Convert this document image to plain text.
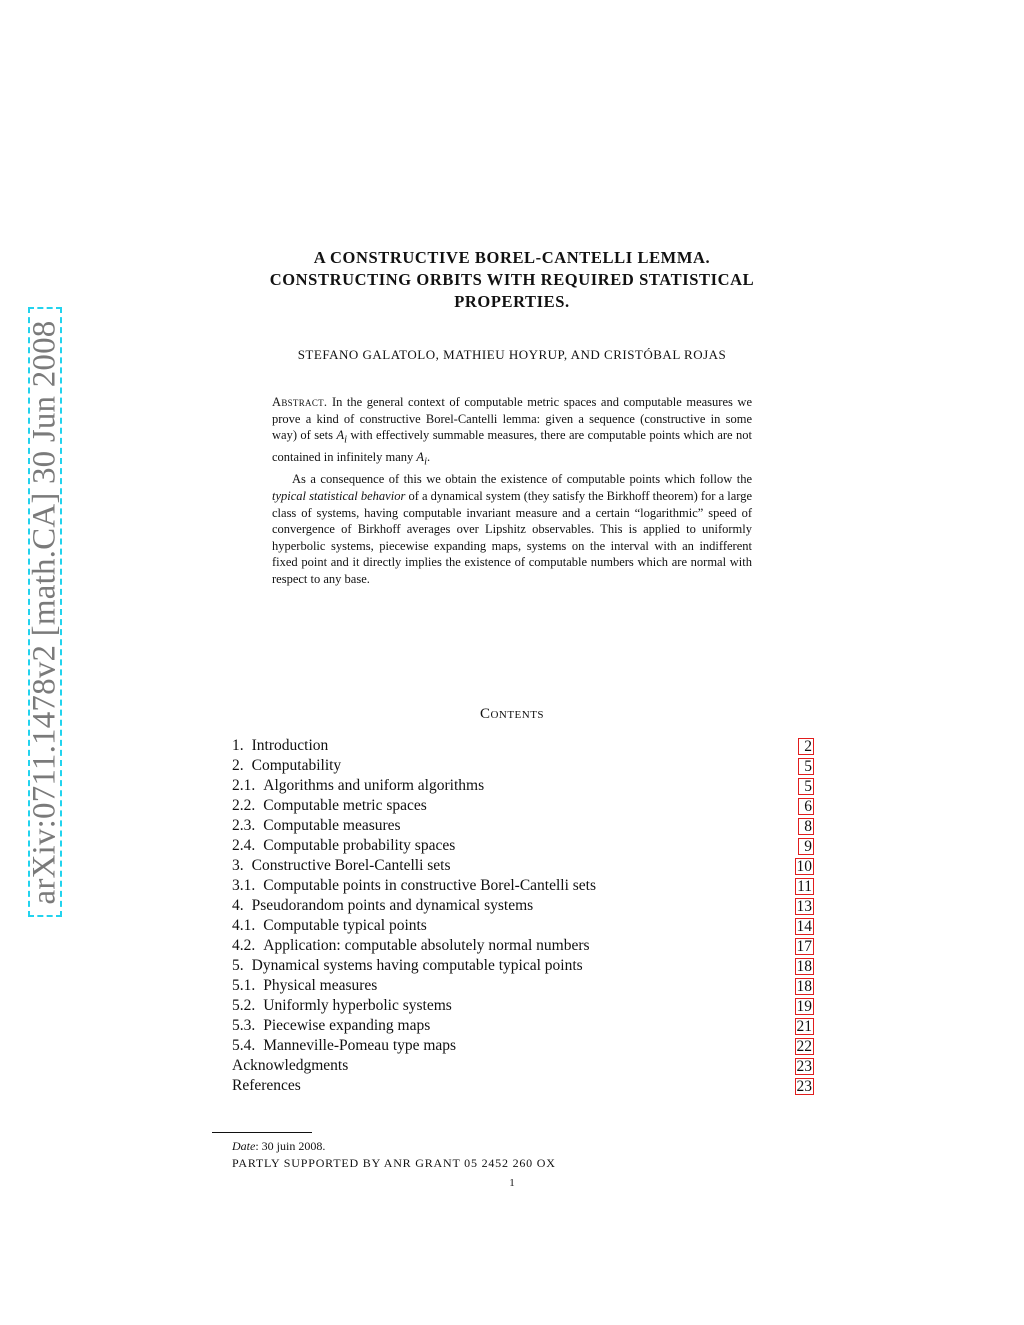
arXiv:0711.1478v2 [math.CA] 30 Jun 2008
A CONSTRUCTIVE BOREL-CANTELLI LEMMA.
CONSTRUCTING ORBITS WITH REQUIRED STATISTICAL
PROPERTIES.
STEFANO GALATOLO, MATHIEU HOYRUP, AND CRISTÓBAL ROJAS

Abstract. In the general context of computable metric spaces and computable measures we prove a kind of constructive Borel-Cantelli lemma: given a sequence (constructive in some way) of sets $A_i$ with effectively summable measures, there are computable points which are not contained in infinitely many $A_i$.

As a consequence of this we obtain the existence of computable points which follow the typical statistical behavior of a dynamical system (they satisfy the Birkhoff theorem) for a large class of systems, having computable invariant measure and a certain “logarithmic” speed of convergence of Birkhoff averages over Lipshitz observables. This is applied to uniformly hyperbolic systems, piecewise expanding maps, systems on the interval with an indifferent fixed point and it directly implies the existence of computable numbers which are normal with respect to any base.

Contents
1. Introduction	2
2. Computability	5
2.1. Algorithms and uniform algorithms	5
2.2. Computable metric spaces	6
2.3. Computable measures	8
2.4. Computable probability spaces	9
3. Constructive Borel-Cantelli sets	10
3.1. Computable points in constructive Borel-Cantelli sets	11
4. Pseudorandom points and dynamical systems	13
4.1. Computable typical points	14
4.2. Application: computable absolutely normal numbers	17
5. Dynamical systems having computable typical points	18
5.1. Physical measures	18
5.2. Uniformly hyperbolic systems	19
5.3. Piecewise expanding maps	21
5.4. Manneville-Pomeau type maps	22
Acknowledgments	23
References	23
Date: 30 juin 2008.
PARTLY SUPPORTED BY ANR GRANT 05 2452 260 OX
1
